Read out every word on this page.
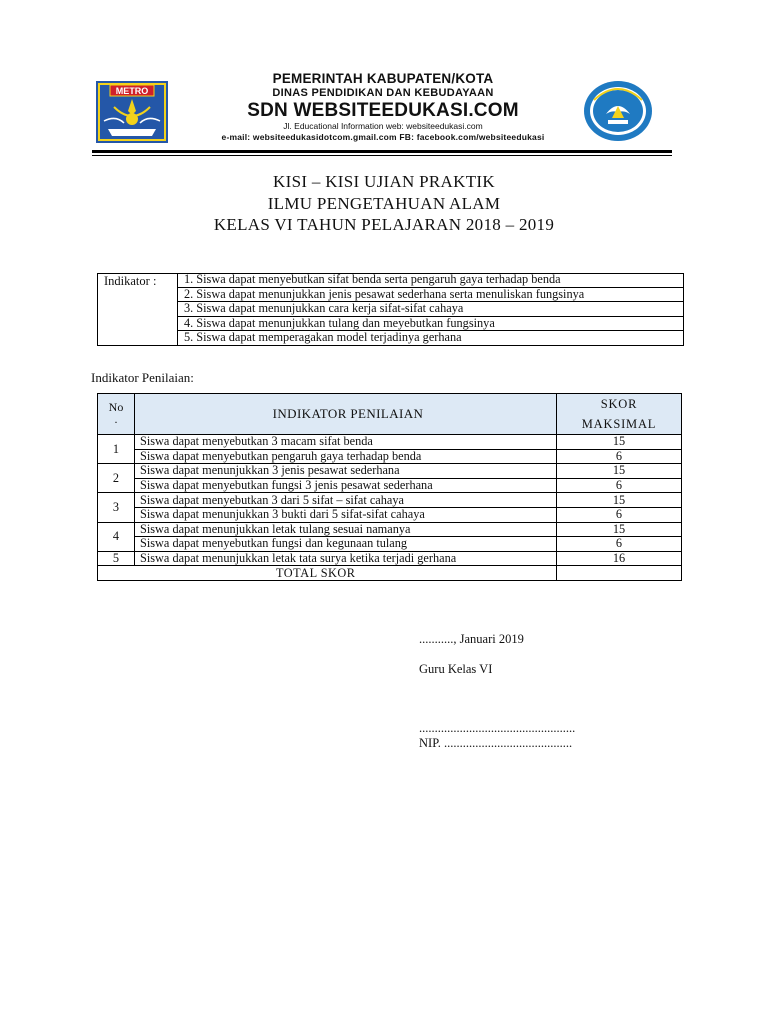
METRO
PEMERINTAH KABUPATEN/KOTA
DINAS PENDIDIKAN DAN KEBUDAYAAN
SDN WEBSITEEDUKASI.COM
Jl. Educational Information web: websiteedukasi.com
e-mail: websiteedukasidotcom.gmail.com FB: facebook.com/websiteedukasi
KISI – KISI UJIAN PRAKTIK
ILMU PENGETAHUAN ALAM
KELAS VI TAHUN PELAJARAN 2018 – 2019
Indikator :	1. Siswa dapat menyebutkan sifat benda serta pengaruh gaya terhadap benda
2. Siswa dapat menunjukkan jenis pesawat sederhana serta menuliskan fungsinya
3. Siswa dapat menunjukkan cara kerja sifat-sifat cahaya
4. Siswa dapat menunjukkan tulang dan meyebutkan fungsinya
5. Siswa dapat memperagakan model terjadinya gerhana
Indikator Penilaian:
No
.	INDIKATOR PENILAIAN	SKOR
MAKSIMAL

1	Siswa dapat menyebutkan 3 macam sifat benda	15
	Siswa dapat menyebutkan pengaruh gaya terhadap benda	6
2	Siswa dapat menunjukkan 3 jenis pesawat sederhana	15
	Siswa dapat menyebutkan fungsi 3 jenis pesawat sederhana	6
3	Siswa dapat menyebutkan 3 dari 5 sifat – sifat cahaya	15
	Siswa dapat menunjukkan 3 bukti dari 5 sifat-sifat cahaya	6
4	Siswa dapat menunjukkan letak tulang sesuai namanya	15
	Siswa dapat menyebutkan fungsi dan kegunaan tulang	6
5	Siswa dapat menunjukkan letak tata surya ketika terjadi gerhana	16
TOTAL SKOR		
..........., Januari 2019
Guru Kelas VI
..................................................
NIP. .........................................
